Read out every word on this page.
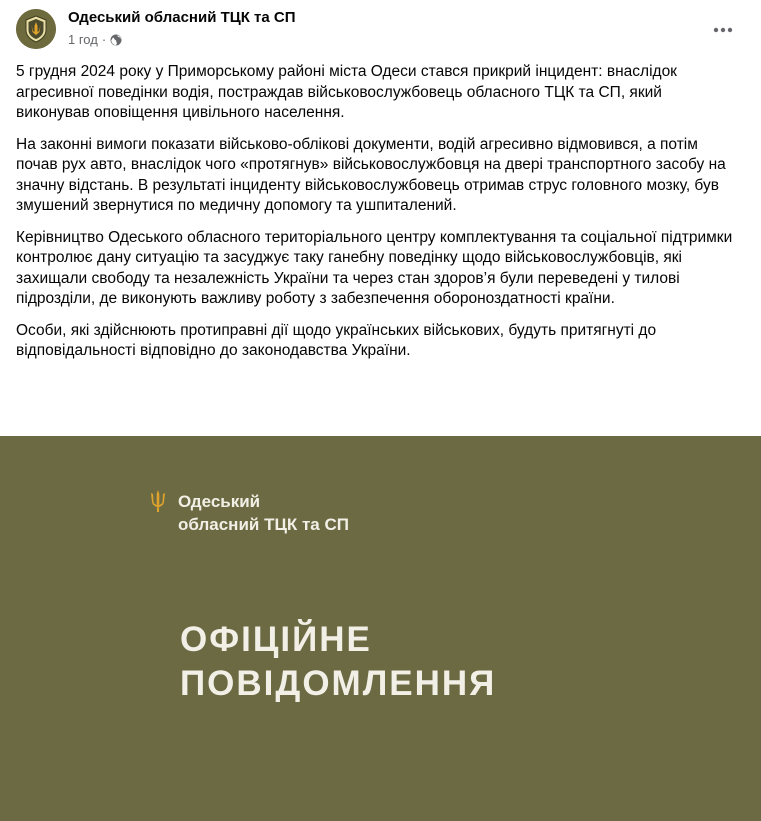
Одеський обласний ТЦК та СП
1 год ·

5 грудня 2024 року у Приморському районі міста Одеси стався прикрий інцидент: внаслідок агресивної поведінки водія, постраждав військовослужбовець обласного ТЦК та СП, який виконував оповіщення цивільного населення.

На законні вимоги показати військово-облікові документи, водій агресивно відмовився, а потім почав рух авто, внаслідок чого «протягнув» військовослужбовця на двері транспортного засобу на значну відстань. В результаті інциденту військовослужбовець отримав струс головного мозку, був змушений звернутися по медичну допомогу та ушпиталений.

Керівництво Одеського обласного територіального центру комплектування та соціальної підтримки контролює дану ситуацію та засуджує таку ганебну поведінку щодо військовослужбовців, які захищали свободу та незалежність України та через стан здоров’я були переведені у тилові підрозділи, де виконують важливу роботу з забезпечення обороноздатності країни.

Особи, які здійснюють протиправні дії щодо українських військових, будуть притягнуті до відповідальності відповідно до законодавства України.

Одеський
обласний ТЦК та СП
ОФІЦІЙНЕ
ПОВІДОМЛЕННЯ
